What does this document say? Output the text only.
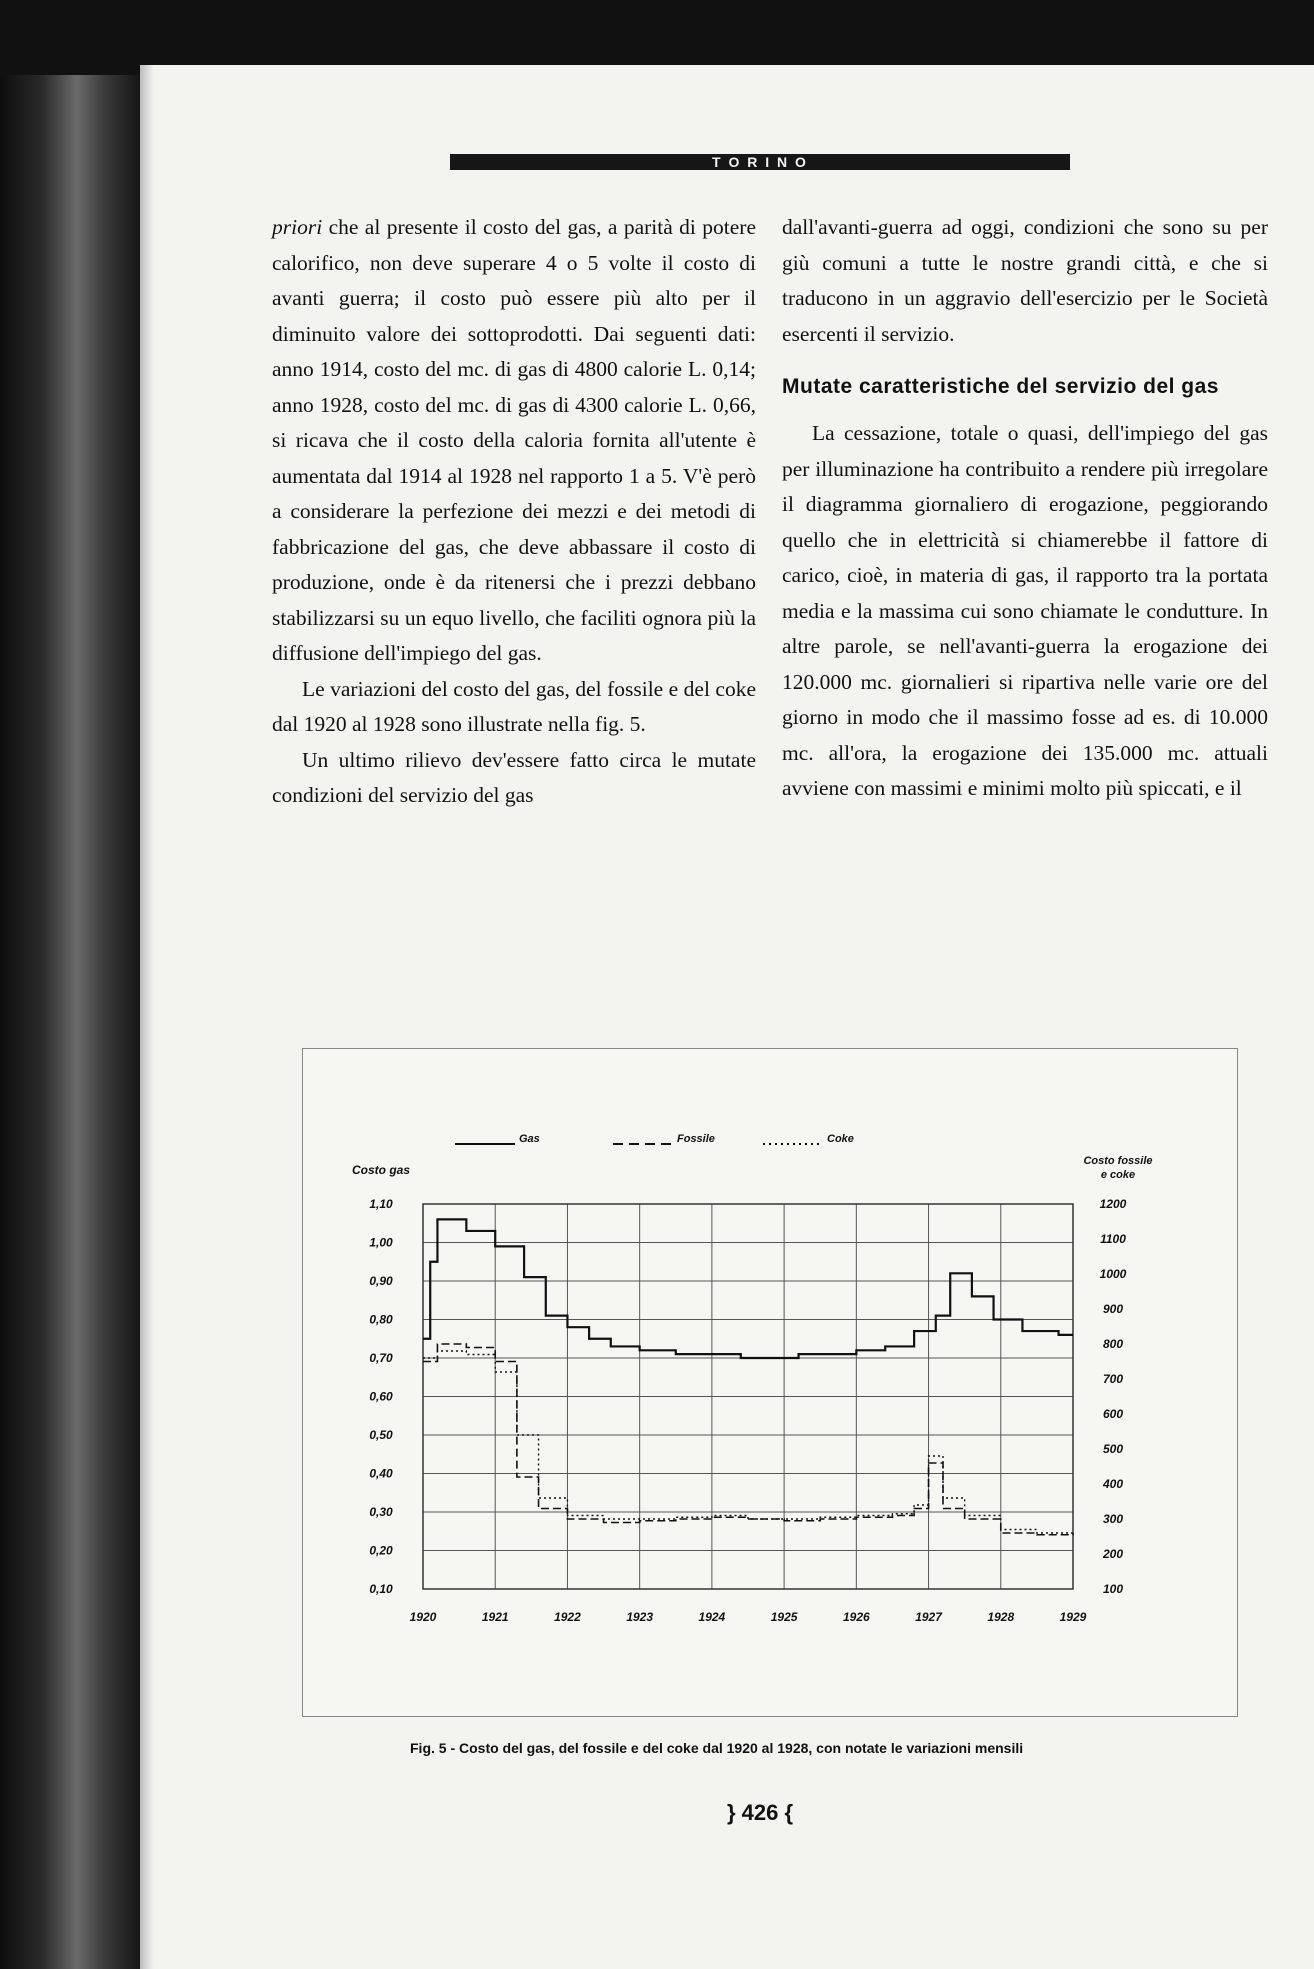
T O R I N O

priori che al presente il costo del gas, a parità di potere calorifico, non deve superare 4 o 5 volte il costo di avanti guerra; il costo può essere più alto per il diminuito valore dei sottoprodotti. Dai seguenti dati: anno 1914, costo del mc. di gas di 4800 calorie L. 0,14; anno 1928, costo del mc. di gas di 4300 calorie L. 0,66, si ricava che il costo della caloria fornita all'utente è aumentata dal 1914 al 1928 nel rapporto 1 a 5. V'è però a considerare la perfezione dei mezzi e dei metodi di fabbricazione del gas, che deve abbassare il costo di produzione, onde è da ritenersi che i prezzi debbano stabilizzarsi su un equo livello, che faciliti ognora più la diffusione dell'impiego del gas.

Le variazioni del costo del gas, del fossile e del coke dal 1920 al 1928 sono illustrate nella fig. 5.

Un ultimo rilievo dev'essere fatto circa le mutate condizioni del servizio del gas

dall'avanti-guerra ad oggi, condizioni che sono su per giù comuni a tutte le nostre grandi città, e che si traducono in un aggravio dell'esercizio per le Società esercenti il servizio.

Mutate caratteristiche del servizio del gas

La cessazione, totale o quasi, dell'impiego del gas per illuminazione ha contribuito a rendere più irregolare il diagramma giornaliero di erogazione, peggiorando quello che in elettricità si chiamerebbe il fattore di carico, cioè, in materia di gas, il rapporto tra la portata media e la massima cui sono chiamate le condutture. In altre parole, se nell'avanti-guerra la erogazione dei 120.000 mc. giornalieri si ripartiva nelle varie ore del giorno in modo che il massimo fosse ad es. di 10.000 mc. all'ora, la erogazione dei 135.000 mc. attuali avviene con massimi e minimi molto più spiccati, e il

1920	1921	1922	1923	1924	1925	1926	1927	1928	1929
1,10
1,00
0,90
0,80
0,70
0,60
0,50
0,40
0,30
0,20
0,10
1200
1100
1000
900
800
700
600
500
400
300
200
100
Costo gas
Costo fossile
e coke
Gas	Fossile	Coke
Fig. 5 - Costo del gas, del fossile e del coke dal 1920 al 1928, con notate le variazioni mensili
} 426 {
